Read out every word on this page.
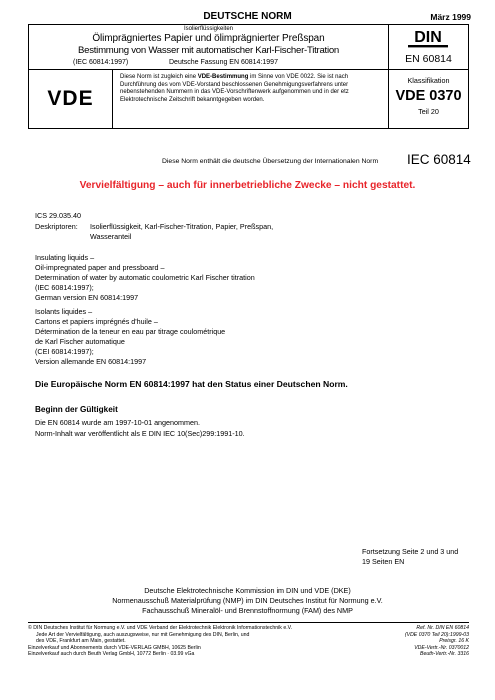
DEUTSCHE NORM	März 1999
Isolierflüssigkeiten
Ölimprägniertes Papier und ölimprägnierter Preßspan
Bestimmung von Wasser mit automatischer Karl-Fischer-Titration
(IEC 60814:1997)	Deutsche Fassung EN 60814:1997
DIN
EN 60814
VDE
Diese Norm ist zugleich eine VDE-Bestimmung im Sinne von VDE 0022. Sie ist nach Durchführung des vom VDE-Vorstand beschlossenen Genehmigungsverfahrens unter nebenstehenden Nummern in das VDE-Vorschriftenwerk aufgenommen und in der etz Elektrotechnische Zeitschrift bekanntgegeben worden.
Klassifikation
VDE 0370
Teil 20
Diese Norm enthält die deutsche Übersetzung der Internationalen Norm IEC 60814
Vervielfältigung – auch für innerbetriebliche Zwecke – nicht gestattet.
ICS 29.035.40
Deskriptoren: Isolierflüssigkeit, Karl-Fischer-Titration, Papier, Preßspan,
Wasseranteil
Insulating liquids –
Oil-impregnated paper and pressboard –
Determination of water by automatic coulometric Karl Fischer titration
(IEC 60814:1997);
German version EN 60814:1997
Isolants liquides –
Cartons et papiers imprégnés d'huile –
Détermination de la teneur en eau par titrage coulométrique
de Karl Fischer automatique
(CEI 60814:1997);
Version allemande EN 60814:1997
Die Europäische Norm EN 60814:1997 hat den Status einer Deutschen Norm.
Beginn der Gültigkeit
Die EN 60814 wurde am 1997-10-01 angenommen.
Norm-Inhalt war veröffentlicht als E DIN IEC 10(Sec)299:1991-10.
Fortsetzung Seite 2 und 3 und
19 Seiten EN
Deutsche Elektrotechnische Kommission im DIN und VDE (DKE)
Normenausschuß Materialprüfung (NMP) im DIN Deutsches Institut für Normung e.V.
Fachausschuß Mineralöl- und Brennstoffnormung (FAM) des NMP
© DIN Deutsches Institut für Normung e.V. und VDE Verband der Elektrotechnik Elektronik Informationstechnik e.V.
Jede Art der Vervielfältigung, auch auszugsweise, nur mit Genehmigung des DIN, Berlin, und
des VDE, Frankfurt am Main, gestattet.
Einzelverkauf und Abonnements durch VDE-VERLAG GMBH, 10625 Berlin
Einzelverkauf auch durch Beuth Verlag GmbH, 10772 Berlin · 03.99 vGa
Ref. Nr. DIN EN 60814
(VDE 0370 Teil 20):1999-03
Preisgr. 16 K
VDE-Vertr.-Nr. 0370012
Beuth-Vertr.-Nr. 3316
